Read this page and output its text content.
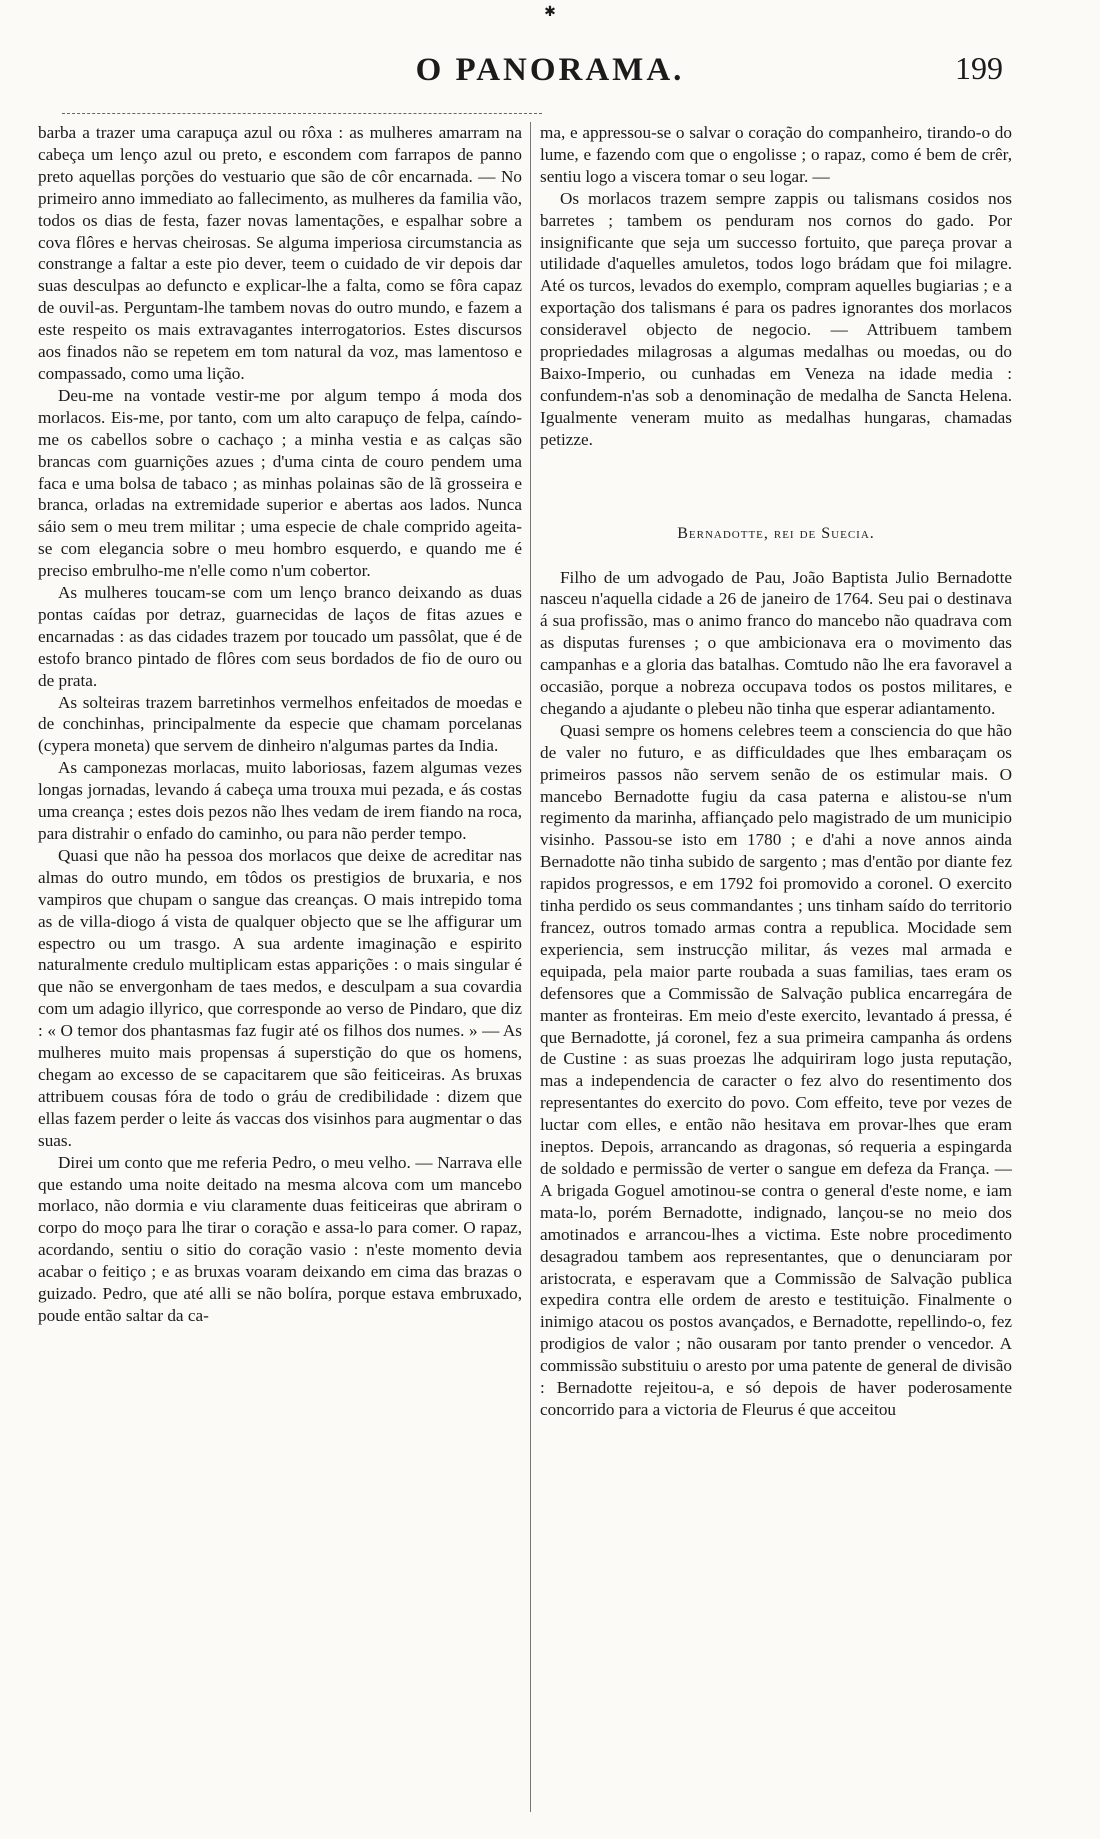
✱
O PANORAMA.	199

barba a trazer uma carapuça azul ou rôxa : as mulheres amarram na cabeça um lenço azul ou preto, e escondem com farrapos de panno preto aquellas porções do vestuario que são de côr encarnada. — No primeiro anno immediato ao fallecimento, as mulheres da familia vão, todos os dias de festa, fazer novas lamentações, e espalhar sobre a cova flôres e hervas cheirosas. Se alguma imperiosa circumstancia as constrange a faltar a este pio dever, teem o cuidado de vir depois dar suas desculpas ao defuncto e explicar-lhe a falta, como se fôra capaz de ouvil-as. Perguntam-lhe tambem novas do outro mundo, e fazem a este respeito os mais extravagantes interrogatorios. Estes discursos aos finados não se repetem em tom natural da voz, mas lamentoso e compassado, como uma lição.

Deu-me na vontade vestir-me por algum tempo á moda dos morlacos. Eis-me, por tanto, com um alto carapuço de felpa, caíndo-me os cabellos sobre o cachaço ; a minha vestia e as calças são brancas com guarnições azues ; d'uma cinta de couro pendem uma faca e uma bolsa de tabaco ; as minhas polainas são de lã grosseira e branca, orladas na extremidade superior e abertas aos lados. Nunca sáio sem o meu trem militar ; uma especie de chale comprido ageita-se com elegancia sobre o meu hombro esquerdo, e quando me é preciso embrulho-me n'elle como n'um cobertor.

As mulheres toucam-se com um lenço branco deixando as duas pontas caídas por detraz, guarnecidas de laços de fitas azues e encarnadas : as das cidades trazem por toucado um passôlat, que é de estofo branco pintado de flôres com seus bordados de fio de ouro ou de prata.

As solteiras trazem barretinhos vermelhos enfeitados de moedas e de conchinhas, principalmente da especie que chamam porcelanas (cypera moneta) que servem de dinheiro n'algumas partes da India.

As camponezas morlacas, muito laboriosas, fazem algumas vezes longas jornadas, levando á cabeça uma trouxa mui pezada, e ás costas uma creança ; estes dois pezos não lhes vedam de irem fiando na roca, para distrahir o enfado do caminho, ou para não perder tempo.

Quasi que não ha pessoa dos morlacos que deixe de acreditar nas almas do outro mundo, em tôdos os prestigios de bruxaria, e nos vampiros que chupam o sangue das creanças. O mais intrepido toma as de villa-diogo á vista de qualquer objecto que se lhe affigurar um espectro ou um trasgo. A sua ardente imaginação e espirito naturalmente credulo multiplicam estas apparições : o mais singular é que não se envergonham de taes medos, e desculpam a sua covardia com um adagio illyrico, que corresponde ao verso de Pindaro, que diz : « O temor dos phantasmas faz fugir até os filhos dos numes. » — As mulheres muito mais propensas á superstição do que os homens, chegam ao excesso de se capacitarem que são feiticeiras. As bruxas attribuem cousas fóra de todo o gráu de credibilidade : dizem que ellas fazem perder o leite ás vaccas dos visinhos para augmentar o das suas.

Direi um conto que me referia Pedro, o meu velho. — Narrava elle que estando uma noite deitado na mesma alcova com um mancebo morlaco, não dormia e viu claramente duas feiticeiras que abriram o corpo do moço para lhe tirar o coração e assa-lo para comer. O rapaz, acordando, sentiu o sitio do coração vasio : n'este momento devia acabar o feitiço ; e as bruxas voaram deixando em cima das brazas o guizado. Pedro, que até alli se não bolíra, porque estava embruxado, poude então saltar da ca-

ma, e appressou-se o salvar o coração do companheiro, tirando-o do lume, e fazendo com que o engolisse ; o rapaz, como é bem de crêr, sentiu logo a viscera tomar o seu logar. —

Os morlacos trazem sempre zappis ou talismans cosidos nos barretes ; tambem os penduram nos cornos do gado. Por insignificante que seja um successo fortuito, que pareça provar a utilidade d'aquelles amuletos, todos logo brádam que foi milagre. Até os turcos, levados do exemplo, compram aquelles bugiarias ; e a exportação dos talismans é para os padres ignorantes dos morlacos consideravel objecto de negocio. — Attribuem tambem propriedades milagrosas a algumas medalhas ou moedas, ou do Baixo-Imperio, ou cunhadas em Veneza na idade media : confundem-n'as sob a denominação de medalha de Sancta Helena. Igualmente veneram muito as medalhas hungaras, chamadas petizze.

Bernadotte, rei de Suecia.

Filho de um advogado de Pau, João Baptista Julio Bernadotte nasceu n'aquella cidade a 26 de janeiro de 1764. Seu pai o destinava á sua profissão, mas o animo franco do mancebo não quadrava com as disputas furenses ; o que ambicionava era o movimento das campanhas e a gloria das batalhas. Comtudo não lhe era favoravel a occasião, porque a nobreza occupava todos os postos militares, e chegando a ajudante o plebeu não tinha que esperar adiantamento.

Quasi sempre os homens celebres teem a consciencia do que hão de valer no futuro, e as difficuldades que lhes embaraçam os primeiros passos não servem senão de os estimular mais. O mancebo Bernadotte fugiu da casa paterna e alistou-se n'um regimento da marinha, affiançado pelo magistrado de um municipio visinho. Passou-se isto em 1780 ; e d'ahi a nove annos ainda Bernadotte não tinha subido de sargento ; mas d'então por diante fez rapidos progressos, e em 1792 foi promovido a coronel. O exercito tinha perdido os seus commandantes ; uns tinham saído do territorio francez, outros tomado armas contra a republica. Mocidade sem experiencia, sem instrucção militar, ás vezes mal armada e equipada, pela maior parte roubada a suas familias, taes eram os defensores que a Commissão de Salvação publica encarregára de manter as fronteiras. Em meio d'este exercito, levantado á pressa, é que Bernadotte, já coronel, fez a sua primeira campanha ás ordens de Custine : as suas proezas lhe adquiriram logo justa reputação, mas a independencia de caracter o fez alvo do resentimento dos representantes do exercito do povo. Com effeito, teve por vezes de luctar com elles, e então não hesitava em provar-lhes que eram ineptos. Depois, arrancando as dragonas, só requeria a espingarda de soldado e permissão de verter o sangue em defeza da França. — A brigada Goguel amotinou-se contra o general d'este nome, e iam mata-lo, porém Bernadotte, indignado, lançou-se no meio dos amotinados e arrancou-lhes a victima. Este nobre procedimento desagradou tambem aos representantes, que o denunciaram por aristocrata, e esperavam que a Commissão de Salvação publica expedira contra elle ordem de aresto e testituição. Finalmente o inimigo atacou os postos avançados, e Bernadotte, repellindo-o, fez prodigios de valor ; não ousaram por tanto prender o vencedor. A commissão substituiu o aresto por uma patente de general de divisão : Bernadotte rejeitou-a, e só depois de haver poderosamente concorrido para a victoria de Fleurus é que acceitou
